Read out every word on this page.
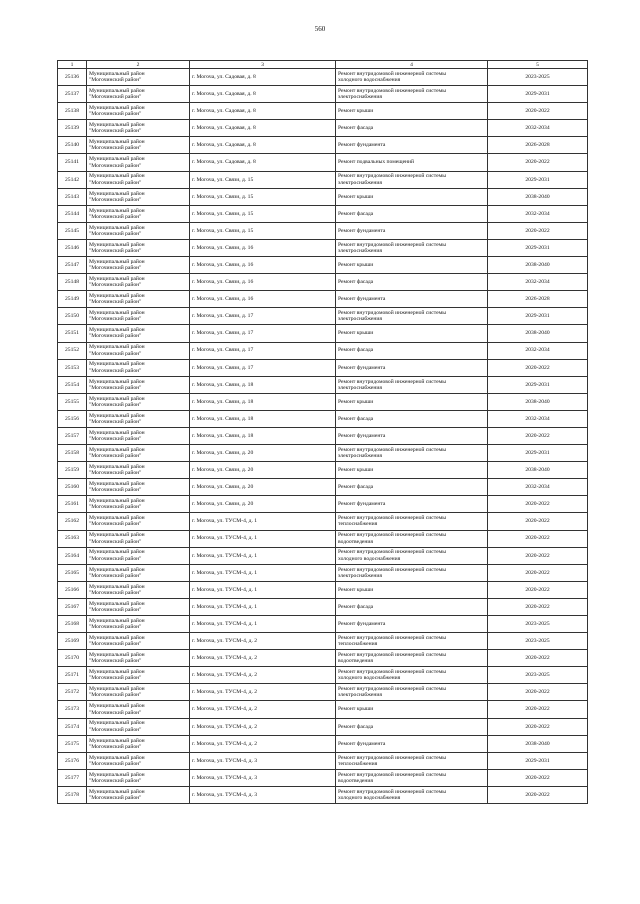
560
1	2	3	4	5
25136	Муниципальный район
"Могочинский район"	г. Могоча, ул. Садовая, д. 8	Ремонт внутридомовой инженерной системы
холодного водоснабжения	2023-2025
25137	Муниципальный район
"Могочинский район"	г. Могоча, ул. Садовая, д. 8	Ремонт внутридомовой инженерной системы
электроснабжения	2029-2031
25138	Муниципальный район
"Могочинский район"	г. Могоча, ул. Садовая, д. 8	Ремонт крыши	2020-2022
25139	Муниципальный район
"Могочинский район"	г. Могоча, ул. Садовая, д. 8	Ремонт фасада	2032-2034
25140	Муниципальный район
"Могочинский район"	г. Могоча, ул. Садовая, д. 8	Ремонт фундамента	2026-2028
25141	Муниципальный район
"Могочинский район"	г. Могоча, ул. Садовая, д. 8	Ремонт подвальных помещений	2020-2022
25142	Муниципальный район
"Могочинский район"	г. Могоча, ул. Связи, д. 15	Ремонт внутридомовой инженерной системы
электроснабжения	2029-2031
25143	Муниципальный район
"Могочинский район"	г. Могоча, ул. Связи, д. 15	Ремонт крыши	2038-2040
25144	Муниципальный район
"Могочинский район"	г. Могоча, ул. Связи, д. 15	Ремонт фасада	2032-2034
25145	Муниципальный район
"Могочинский район"	г. Могоча, ул. Связи, д. 15	Ремонт фундамента	2020-2022
25146	Муниципальный район
"Могочинский район"	г. Могоча, ул. Связи, д. 16	Ремонт внутридомовой инженерной системы
электроснабжения	2029-2031
25147	Муниципальный район
"Могочинский район"	г. Могоча, ул. Связи, д. 16	Ремонт крыши	2038-2040
25148	Муниципальный район
"Могочинский район"	г. Могоча, ул. Связи, д. 16	Ремонт фасада	2032-2034
25149	Муниципальный район
"Могочинский район"	г. Могоча, ул. Связи, д. 16	Ремонт фундамента	2026-2028
25150	Муниципальный район
"Могочинский район"	г. Могоча, ул. Связи, д. 17	Ремонт внутридомовой инженерной системы
электроснабжения	2029-2031
25151	Муниципальный район
"Могочинский район"	г. Могоча, ул. Связи, д. 17	Ремонт крыши	2038-2040
25152	Муниципальный район
"Могочинский район"	г. Могоча, ул. Связи, д. 17	Ремонт фасада	2032-2034
25153	Муниципальный район
"Могочинский район"	г. Могоча, ул. Связи, д. 17	Ремонт фундамента	2020-2022
25154	Муниципальный район
"Могочинский район"	г. Могоча, ул. Связи, д. 18	Ремонт внутридомовой инженерной системы
электроснабжения	2029-2031
25155	Муниципальный район
"Могочинский район"	г. Могоча, ул. Связи, д. 18	Ремонт крыши	2038-2040
25156	Муниципальный район
"Могочинский район"	г. Могоча, ул. Связи, д. 18	Ремонт фасада	2032-2034
25157	Муниципальный район
"Могочинский район"	г. Могоча, ул. Связи, д. 18	Ремонт фундамента	2020-2022
25158	Муниципальный район
"Могочинский район"	г. Могоча, ул. Связи, д. 20	Ремонт внутридомовой инженерной системы
электроснабжения	2029-2031
25159	Муниципальный район
"Могочинский район"	г. Могоча, ул. Связи, д. 20	Ремонт крыши	2038-2040
25160	Муниципальный район
"Могочинский район"	г. Могоча, ул. Связи, д. 20	Ремонт фасада	2032-2034
25161	Муниципальный район
"Могочинский район"	г. Могоча, ул. Связи, д. 20	Ремонт фундамента	2020-2022
25162	Муниципальный район
"Могочинский район"	г. Могоча, ул. ТУСМ-4, д. 1	Ремонт внутридомовой инженерной системы
теплоснабжения	2020-2022
25163	Муниципальный район
"Могочинский район"	г. Могоча, ул. ТУСМ-4, д. 1	Ремонт внутридомовой инженерной системы
водоотведения	2020-2022
25164	Муниципальный район
"Могочинский район"	г. Могоча, ул. ТУСМ-4, д. 1	Ремонт внутридомовой инженерной системы
холодного водоснабжения	2020-2022
25165	Муниципальный район
"Могочинский район"	г. Могоча, ул. ТУСМ-4, д. 1	Ремонт внутридомовой инженерной системы
электроснабжения	2020-2022
25166	Муниципальный район
"Могочинский район"	г. Могоча, ул. ТУСМ-4, д. 1	Ремонт крыши	2020-2022
25167	Муниципальный район
"Могочинский район"	г. Могоча, ул. ТУСМ-4, д. 1	Ремонт фасада	2020-2022
25168	Муниципальный район
"Могочинский район"	г. Могоча, ул. ТУСМ-4, д. 1	Ремонт фундамента	2023-2025
25169	Муниципальный район
"Могочинский район"	г. Могоча, ул. ТУСМ-4, д. 2	Ремонт внутридомовой инженерной системы
теплоснабжения	2023-2025
25170	Муниципальный район
"Могочинский район"	г. Могоча, ул. ТУСМ-4, д. 2	Ремонт внутридомовой инженерной системы
водоотведения	2020-2022
25171	Муниципальный район
"Могочинский район"	г. Могоча, ул. ТУСМ-4, д. 2	Ремонт внутридомовой инженерной системы
холодного водоснабжения	2023-2025
25172	Муниципальный район
"Могочинский район"	г. Могоча, ул. ТУСМ-4, д. 2	Ремонт внутридомовой инженерной системы
электроснабжения	2020-2022
25173	Муниципальный район
"Могочинский район"	г. Могоча, ул. ТУСМ-4, д. 2	Ремонт крыши	2020-2022
25174	Муниципальный район
"Могочинский район"	г. Могоча, ул. ТУСМ-4, д. 2	Ремонт фасада	2020-2022
25175	Муниципальный район
"Могочинский район"	г. Могоча, ул. ТУСМ-4, д. 2	Ремонт фундамента	2038-2040
25176	Муниципальный район
"Могочинский район"	г. Могоча, ул. ТУСМ-4, д. 3	Ремонт внутридомовой инженерной системы
теплоснабжения	2029-2031
25177	Муниципальный район
"Могочинский район"	г. Могоча, ул. ТУСМ-4, д. 3	Ремонт внутридомовой инженерной системы
водоотведения	2020-2022
25178	Муниципальный район
"Могочинский район"	г. Могоча, ул. ТУСМ-4, д. 3	Ремонт внутридомовой инженерной системы
холодного водоснабжения	2020-2022
